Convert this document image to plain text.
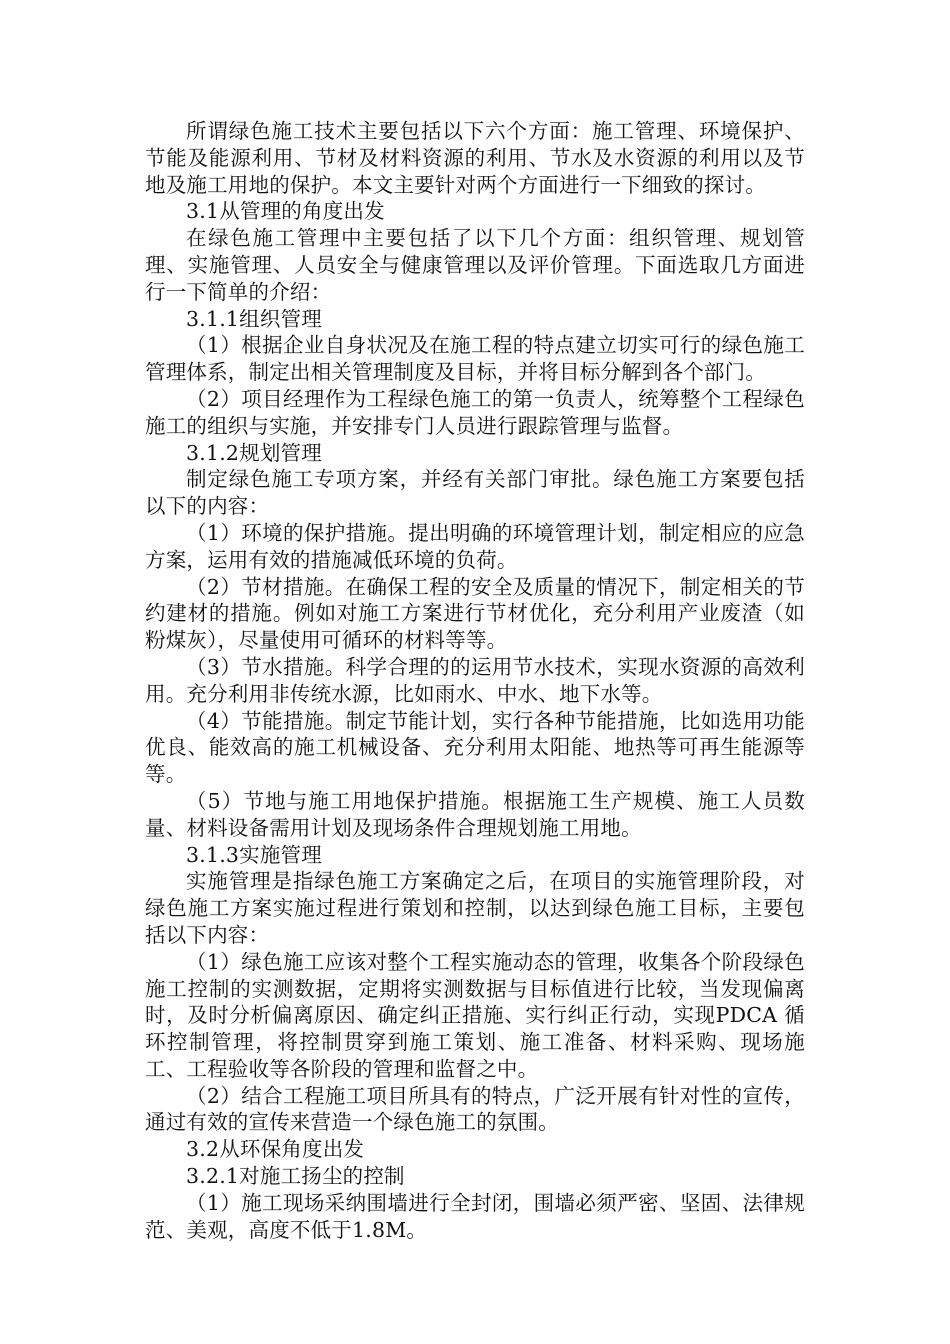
所谓绿色施工技术主要包括以下六个方面：施工管理、环境保护、节能及能源利用、节材及材料资源的利用、节水及水资源的利用以及节地及施工用地的保护。本文主要针对两个方面进行一下细致的探讨。

3.1从管理的角度出发

在绿色施工管理中主要包括了以下几个方面：组织管理、规划管理、实施管理、人员安全与健康管理以及评价管理。下面选取几方面进行一下简单的介绍：

3.1.1组织管理

（1）根据企业自身状况及在施工程的特点建立切实可行的绿色施工管理体系，制定出相关管理制度及目标，并将目标分解到各个部门。

（2）项目经理作为工程绿色施工的第一负责人，统筹整个工程绿色施工的组织与实施，并安排专门人员进行跟踪管理与监督。

3.1.2规划管理

制定绿色施工专项方案，并经有关部门审批。绿色施工方案要包括以下的内容：

（1）环境的保护措施。提出明确的环境管理计划，制定相应的应急方案，运用有效的措施减低环境的负荷。

（2）节材措施。在确保工程的安全及质量的情况下，制定相关的节约建材的措施。例如对施工方案进行节材优化，充分利用产业废渣（如粉煤灰），尽量使用可循环的材料等等。

（3）节水措施。科学合理的的运用节水技术，实现水资源的高效利用。充分利用非传统水源，比如雨水、中水、地下水等。

（4）节能措施。制定节能计划，实行各种节能措施，比如选用功能优良、能效高的施工机械设备、充分利用太阳能、地热等可再生能源等等。

（5）节地与施工用地保护措施。根据施工生产规模、施工人员数量、材料设备需用计划及现场条件合理规划施工用地。

3.1.3实施管理

实施管理是指绿色施工方案确定之后，在项目的实施管理阶段，对绿色施工方案实施过程进行策划和控制，以达到绿色施工目标，主要包括以下内容：

（1）绿色施工应该对整个工程实施动态的管理，收集各个阶段绿色施工控制的实测数据，定期将实测数据与目标值进行比较，当发现偏离时，及时分析偏离原因、确定纠正措施、实行纠正行动，实现PDCA 循环控制管理，将控制贯穿到施工策划、施工准备、材料采购、现场施工、工程验收等各阶段的管理和监督之中。

（2）结合工程施工项目所具有的特点，广泛开展有针对性的宣传，通过有效的宣传来营造一个绿色施工的氛围。

3.2从环保角度出发

3.2.1对施工扬尘的控制

（1）施工现场采纳围墙进行全封闭，围墙必须严密、坚固、法律规范、美观，高度不低于1.8M。
